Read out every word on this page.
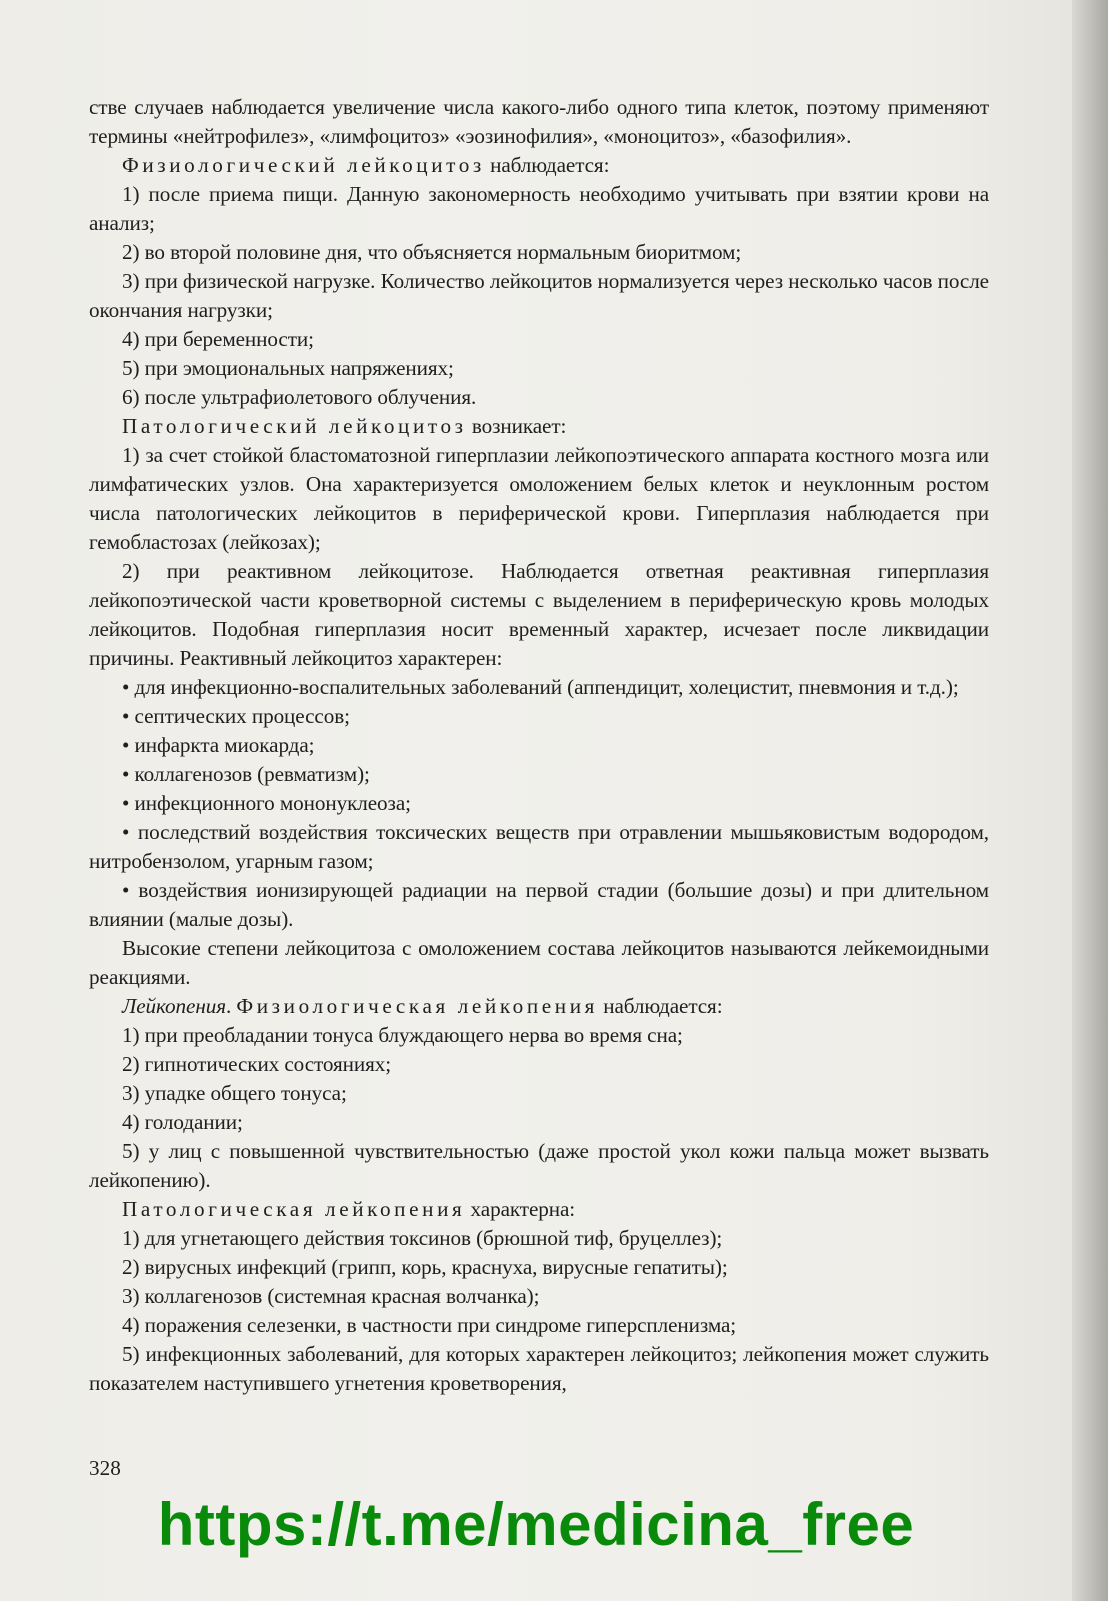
стве случаев наблюдается увеличение числа какого-либо одного типа клеток, поэтому применяют термины «нейтрофилез», «лимфоцитоз» «эозинофилия», «моноцитоз», «базофилия».

Физиологический лейкоцитоз наблюдается:

1) после приема пищи. Данную закономерность необходимо учитывать при взятии крови на анализ;

2) во второй половине дня, что объясняется нормальным биоритмом;

3) при физической нагрузке. Количество лейкоцитов нормализуется через несколько часов после окончания нагрузки;

4) при беременности;

5) при эмоциональных напряжениях;

6) после ультрафиолетового облучения.

Патологический лейкоцитоз возникает:

1) за счет стойкой бластоматозной гиперплазии лейкопоэтического аппарата костного мозга или лимфатических узлов. Она характеризуется омоложением белых клеток и неуклонным ростом числа патологических лейкоцитов в периферической крови. Гиперплазия наблюдается при гемобластозах (лейкозах);

2) при реактивном лейкоцитозе. Наблюдается ответная реактивная гиперплазия лейкопоэтической части кроветворной системы с выделением в периферическую кровь молодых лейкоцитов. Подобная гиперплазия носит временный характер, исчезает после ликвидации причины. Реактивный лейкоцитоз характерен:

• для инфекционно-воспалительных заболеваний (аппендицит, холецистит, пневмония и т.д.);

• септических процессов;

• инфаркта миокарда;

• коллагенозов (ревматизм);

• инфекционного мононуклеоза;

• последствий воздействия токсических веществ при отравлении мышьяковистым водородом, нитробензолом, угарным газом;

• воздействия ионизирующей радиации на первой стадии (большие дозы) и при длительном влиянии (малые дозы).

Высокие степени лейкоцитоза с омоложением состава лейкоцитов называются лейкемоидными реакциями.

Лейкопения. Физиологическая лейкопения наблюдается:

1) при преобладании тонуса блуждающего нерва во время сна;

2) гипнотических состояниях;

3) упадке общего тонуса;

4) голодании;

5) у лиц с повышенной чувствительностью (даже простой укол кожи пальца может вызвать лейкопению).

Патологическая лейкопения характерна:

1) для угнетающего действия токсинов (брюшной тиф, бруцеллез);

2) вирусных инфекций (грипп, корь, краснуха, вирусные гепатиты);

3) коллагенозов (системная красная волчанка);

4) поражения селезенки, в частности при синдроме гиперспленизма;

5) инфекционных заболеваний, для которых характерен лейкоцитоз; лейкопения может служить показателем наступившего угнетения кроветворения,

328
https://t.me/medicina_free
